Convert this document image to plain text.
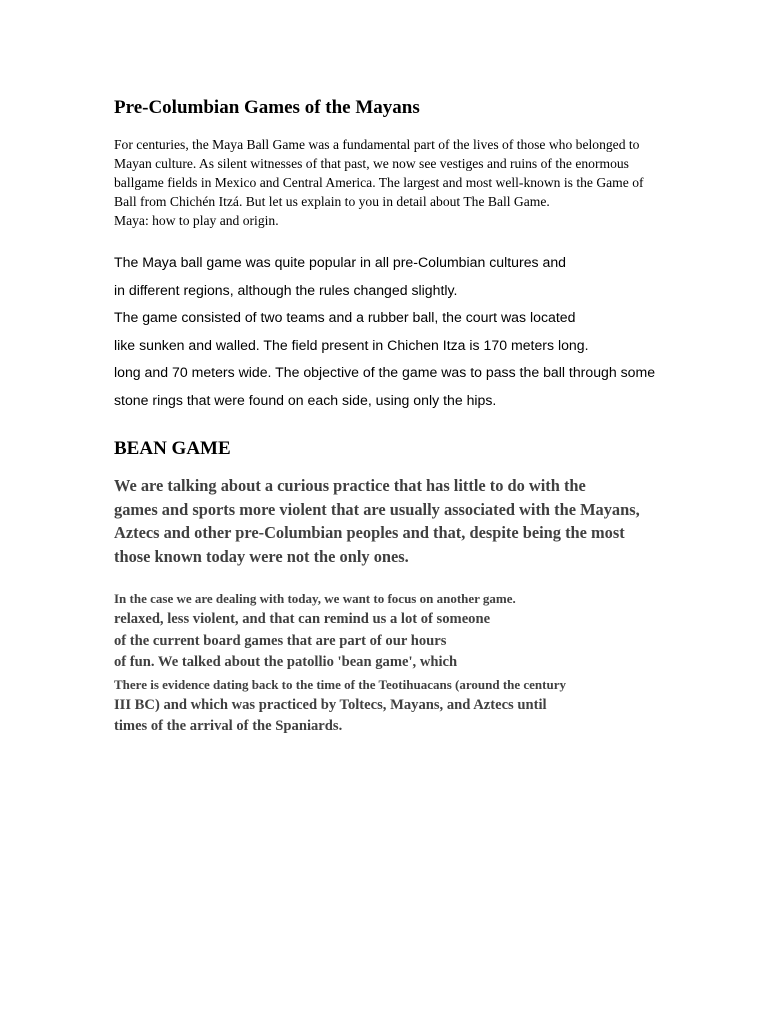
Pre-Columbian Games of the Mayans

For centuries, the Maya Ball Game was a fundamental part of the lives of those who belonged to
Mayan culture. As silent witnesses of that past, we now see vestiges and ruins of the enormous
ballgame fields in Mexico and Central America. The largest and most well-known is the Game of
Ball from Chichén Itzá. But let us explain to you in detail about The Ball Game.
Maya: how to play and origin.

The Maya ball game was quite popular in all pre-Columbian cultures and
in different regions, although the rules changed slightly.
The game consisted of two teams and a rubber ball, the court was located
like sunken and walled. The field present in Chichen Itza is 170 meters long.
long and 70 meters wide. The objective of the game was to pass the ball through some
stone rings that were found on each side, using only the hips.
BEAN GAME

We are talking about a curious practice that has little to do with the
games and sports more violent that are usually associated with the Mayans,
Aztecs and other pre-Columbian peoples and that, despite being the most
those known today were not the only ones.

In the case we are dealing with today, we want to focus on another game.
relaxed, less violent, and that can remind us a lot of someone
of the current board games that are part of our hours
of fun. We talked about the patollio 'bean game', which
There is evidence dating back to the time of the Teotihuacans (around the century
III BC) and which was practiced by Toltecs, Mayans, and Aztecs until
times of the arrival of the Spaniards.
